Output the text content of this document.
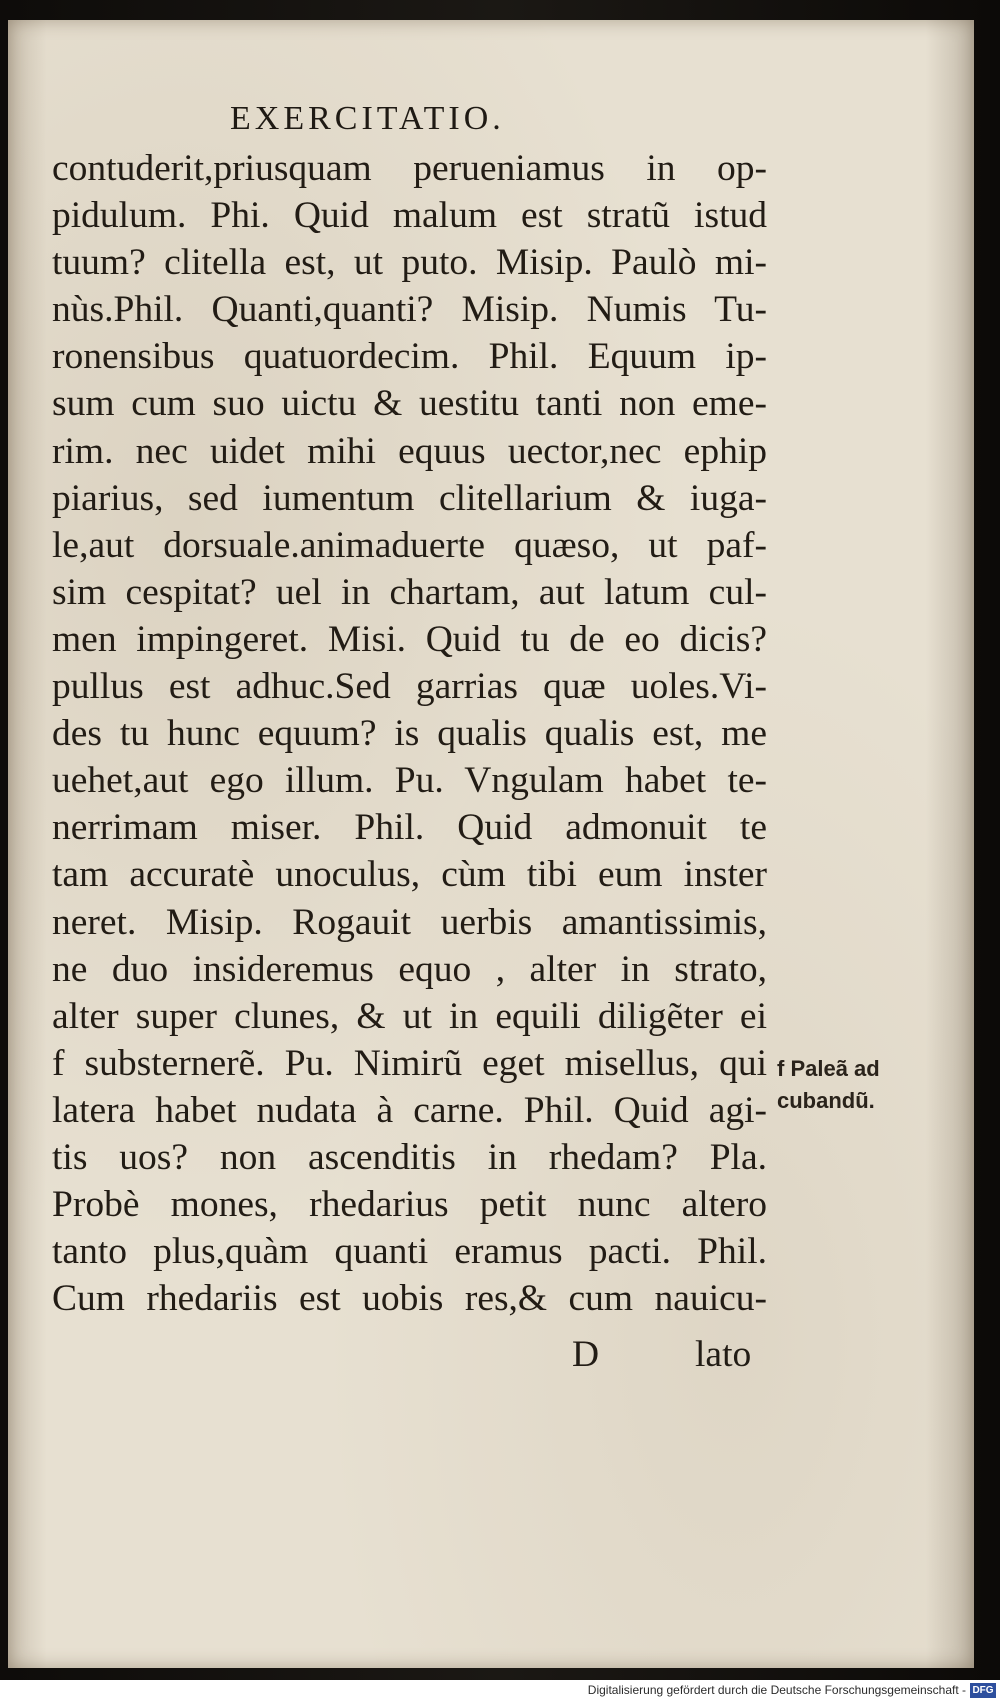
EXERCITATIO.
contuderit,priusquam perueniamus in op-
pidulum. Phi. Quid malum est stratũ istud
tuum? clitella est, ut puto. Misip. Paulò mi-
nùs.Phil. Quanti,quanti? Misip. Numis Tu-
ronensibus quatuordecim. Phil. Equum ip-
sum cum suo uictu & uestitu tanti non eme-
rim. nec uidet mihi equus uector,nec ephip
piarius, sed iumentum clitellarium & iuga-
le,aut dorsuale.animaduerte quæso, ut paf-
sim cespitat? uel in chartam, aut latum cul-
men impingeret. Misi. Quid tu de eo dicis?
pullus est adhuc.Sed garrias quæ uoles.Vi-
des tu hunc equum? is qualis qualis est, me
uehet,aut ego illum. Pu. Vngulam habet te-
nerrimam miser. Phil. Quid admonuit te
tam accuratè unoculus, cùm tibi eum inster
neret. Misip. Rogauit uerbis amantissimis,
ne duo insideremus equo , alter in strato,
alter super clunes, & ut in equili diligẽter ei
f substernerẽ. Pu. Nimirũ eget misellus, qui
latera habet nudata à carne. Phil. Quid agi-
tis uos? non ascenditis in rhedam? Pla.
Probè mones, rhedarius petit nunc altero
tanto plus,quàm quanti eramus pacti. Phil.
Cum rhedariis est uobis res,& cum nauicu-
f Paleã ad
cubandũ.
D	lato
Digitalisierung gefördert durch die Deutsche Forschungsgemeinschaft - DFG
